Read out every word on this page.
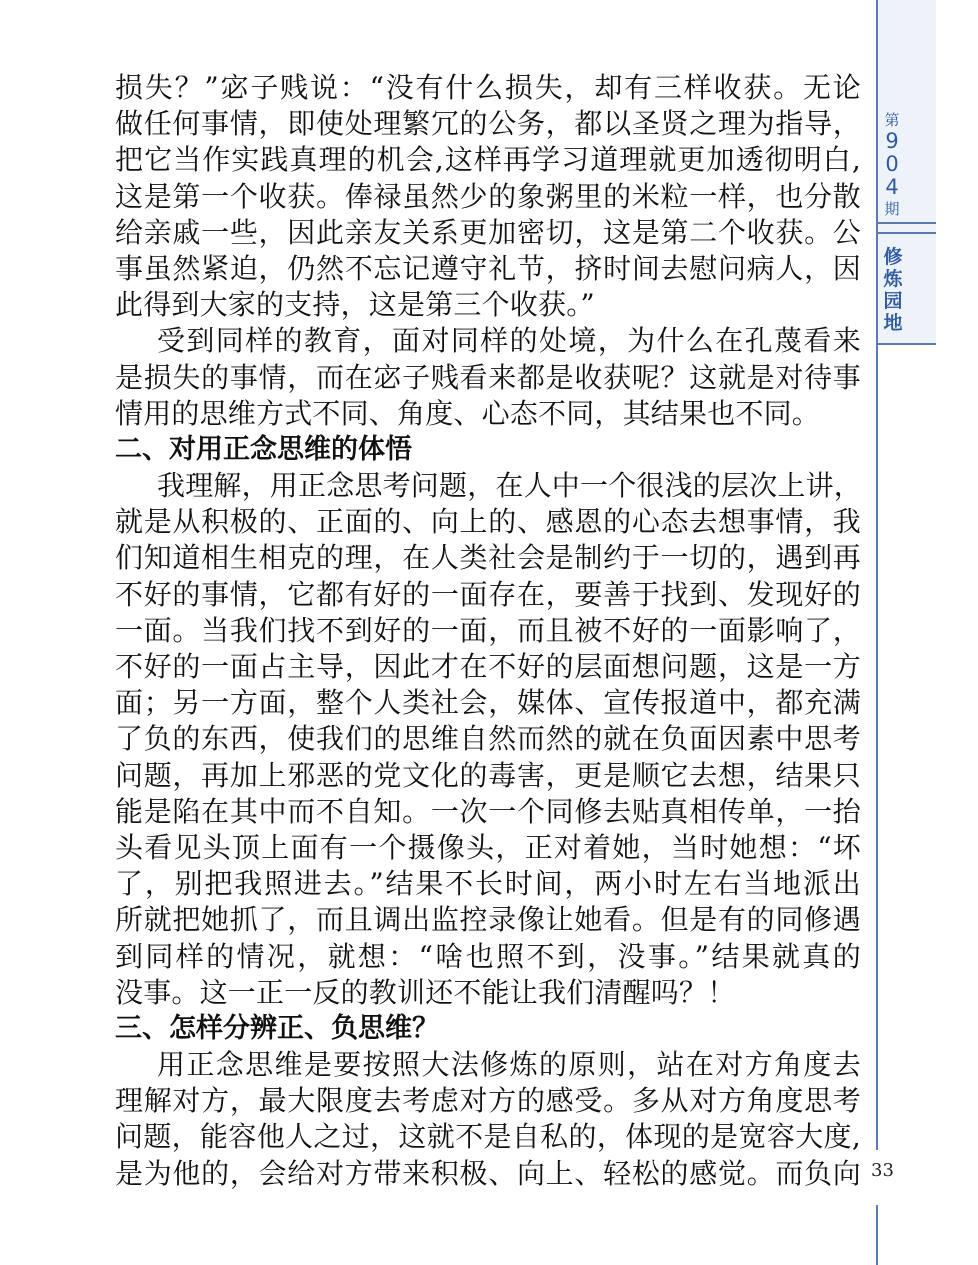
第
9
0
4
期
修
炼
园
地
33
损失？”宓子贱说：“没有什么损失，却有三样收获。无论
做任何事情，即使处理繁冗的公务，都以圣贤之理为指导，
把它当作实践真理的机会,这样再学习道理就更加透彻明白,
这是第一个收获。俸禄虽然少的象粥里的米粒一样，也分散
给亲戚一些，因此亲友关系更加密切，这是第二个收获。公
事虽然紧迫，仍然不忘记遵守礼节，挤时间去慰问病人，因
此得到大家的支持，这是第三个收获。”
受到同样的教育，面对同样的处境，为什么在孔蔑看来
是损失的事情，而在宓子贱看来都是收获呢？这就是对待事
情用的思维方式不同、角度、心态不同，其结果也不同。
二、对用正念思维的体悟
我理解，用正念思考问题，在人中一个很浅的层次上讲，
就是从积极的、正面的、向上的、感恩的心态去想事情，我
们知道相生相克的理，在人类社会是制约于一切的，遇到再
不好的事情，它都有好的一面存在，要善于找到、发现好的
一面。当我们找不到好的一面，而且被不好的一面影响了，
不好的一面占主导，因此才在不好的层面想问题，这是一方
面；另一方面，整个人类社会，媒体、宣传报道中，都充满
了负的东西，使我们的思维自然而然的就在负面因素中思考
问题，再加上邪恶的党文化的毒害，更是顺它去想，结果只
能是陷在其中而不自知。一次一个同修去贴真相传单，一抬
头看见头顶上面有一个摄像头，正对着她，当时她想：“坏
了，别把我照进去。”结果不长时间，两小时左右当地派出
所就把她抓了，而且调出监控录像让她看。但是有的同修遇
到同样的情况，就想：“啥也照不到，没事。”结果就真的
没事。这一正一反的教训还不能让我们清醒吗？！
三、怎样分辨正、负思维？
用正念思维是要按照大法修炼的原则，站在对方角度去
理解对方，最大限度去考虑对方的感受。多从对方角度思考
问题，能容他人之过，这就不是自私的，体现的是宽容大度,
是为他的，会给对方带来积极、向上、轻松的感觉。而负向
